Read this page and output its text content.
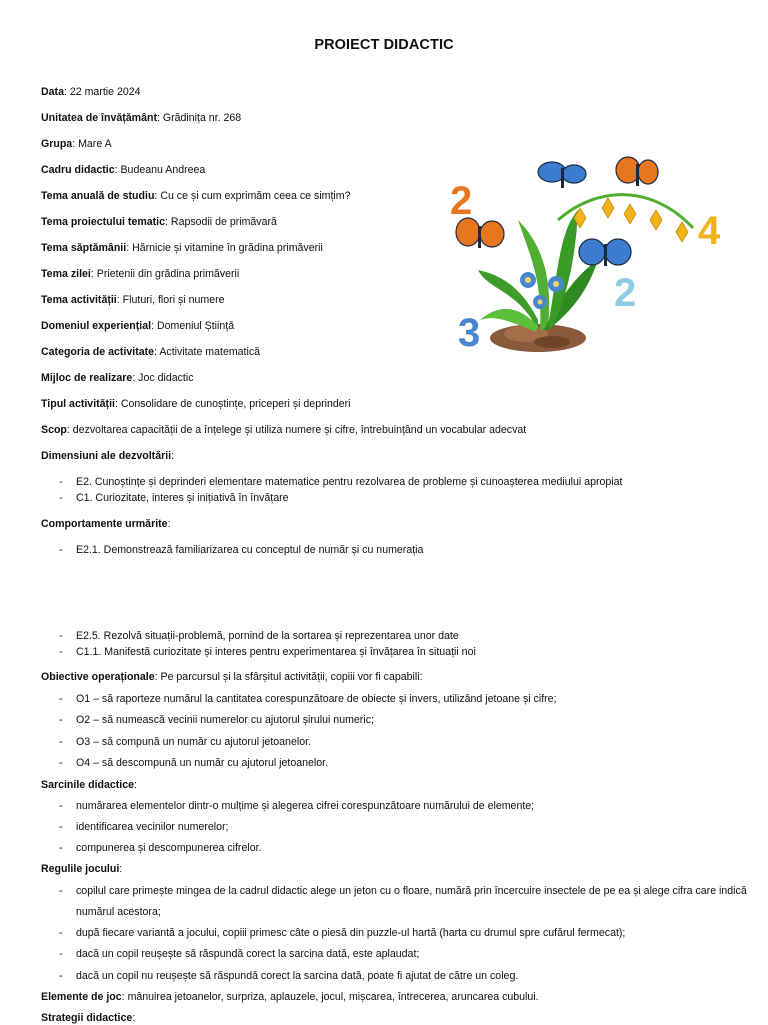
PROIECT DIDACTIC
Data: 22 martie 2024
Unitatea de învățământ: Grădinița nr. 268
Grupa: Mare A
Cadru didactic: Budeanu Andreea
Tema anuală de studiu: Cu ce și cum exprimăm ceea ce simțim?
Tema proiectului tematic: Rapsodii de primăvară
Tema săptămânii: Hărnicie și vitamine în grădina primăverii
Tema zilei: Prietenii din grădina primăverii
Tema activității: Fluturi, flori și numere
Domeniul experiențial: Domeniul Știință
Categoria de activitate: Activitate matematică
Mijloc de realizare: Joc didactic
Tipul activității: Consolidare de cunoștințe, priceperi și deprinderi
Scop: dezvoltarea capacității de a înțelege și utiliza numere și cifre, întrebuințând un vocabular adecvat
Dimensiuni ale dezvoltării:
- E2. Cunoștințe și deprinderi elementare matematice pentru rezolvarea de probleme și cunoașterea mediului apropiat
- C1. Curiozitate, interes și inițiativă în învățare
Comportamente urmărite:
- E2.1. Demonstrează familiarizarea cu conceptul de număr și cu numerația
- E2.5. Rezolvă situații-problemă, pornind de la sortarea și reprezentarea unor date
- C1.1. Manifestă curiozitate și interes pentru experimentarea și învățarea în situații noi
Obiective operaționale: Pe parcursul și la sfârșitul activității, copiii vor fi capabili:
- O1 – să raporteze numărul la cantitatea corespunzătoare de obiecte și invers, utilizând jetoane și cifre;
- O2 – să numească vecinii numerelor cu ajutorul șirului numeric;
- O3 – să compună un număr cu ajutorul jetoanelor.
- O4 – să descompună un număr cu ajutorul jetoanelor.
Sarcinile didactice:
- numărarea elementelor dintr-o mulțime și alegerea cifrei corespunzătoare numărului de elemente;
- identificarea vecinilor numerelor;
- compunerea și descompunerea cifrelor.
Regulile jocului:
- copilul care primește mingea de la cadrul didactic alege un jeton cu o floare, numără prin încercuire insectele de pe ea și alege cifra care indică
numărul acestora;
- după fiecare variantă a jocului, copiii primesc câte o piesă din puzzle-ul hartă (harta cu drumul spre cufărul fermecat);
- dacă un copil reușește să răspundă corect la sarcina dată, este aplaudat;
- dacă un copil nu reușește să răspundă corect la sarcina dată, poate fi ajutat de către un coleg.
Elemente de joc: mânuirea jetoanelor, surpriza, aplauzele, jocul, mișcarea, întrecerea, aruncarea cubului.
Strategii didactice:
2
4
2
3
